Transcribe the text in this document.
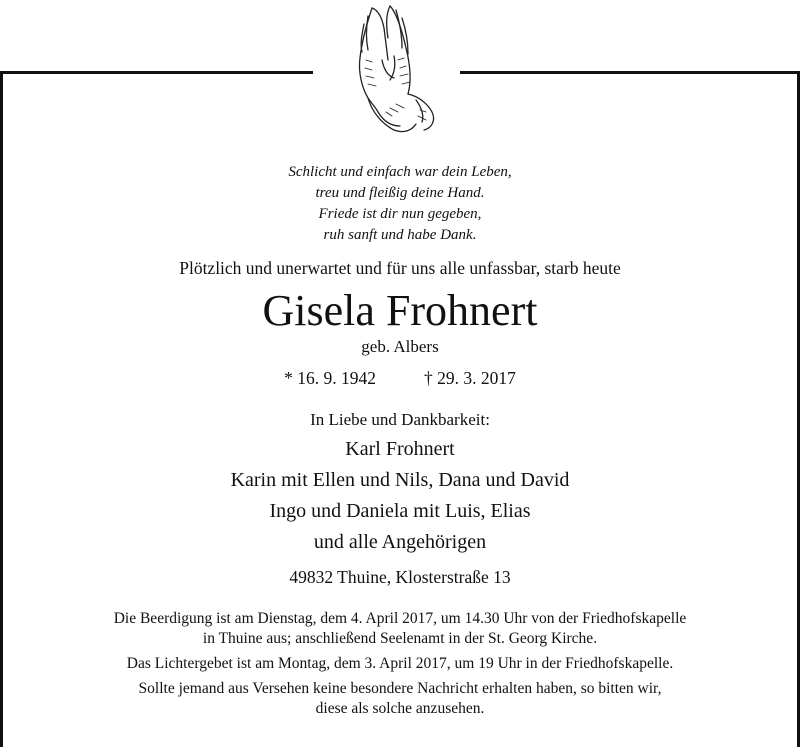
Schlicht und einfach war dein Leben,
treu und fleißig deine Hand.
Friede ist dir nun gegeben,
ruh sanft und habe Dank.
Plötzlich und unerwartet und für uns alle unfassbar, starb heute
Gisela Frohnert
geb. Albers
* 16. 9. 1942	† 29. 3. 2017
In Liebe und Dankbarkeit:
Karl Frohnert
Karin mit Ellen und Nils, Dana und David
Ingo und Daniela mit Luis, Elias
und alle Angehörigen
49832 Thuine, Klosterstraße 13
Die Beerdigung ist am Dienstag, dem 4. April 2017, um 14.30 Uhr von der Friedhofskapelle
in Thuine aus; anschließend Seelenamt in der St. Georg Kirche.
Das Lichtergebet ist am Montag, dem 3. April 2017, um 19 Uhr in der Friedhofskapelle.
Sollte jemand aus Versehen keine besondere Nachricht erhalten haben, so bitten wir,
diese als solche anzusehen.
